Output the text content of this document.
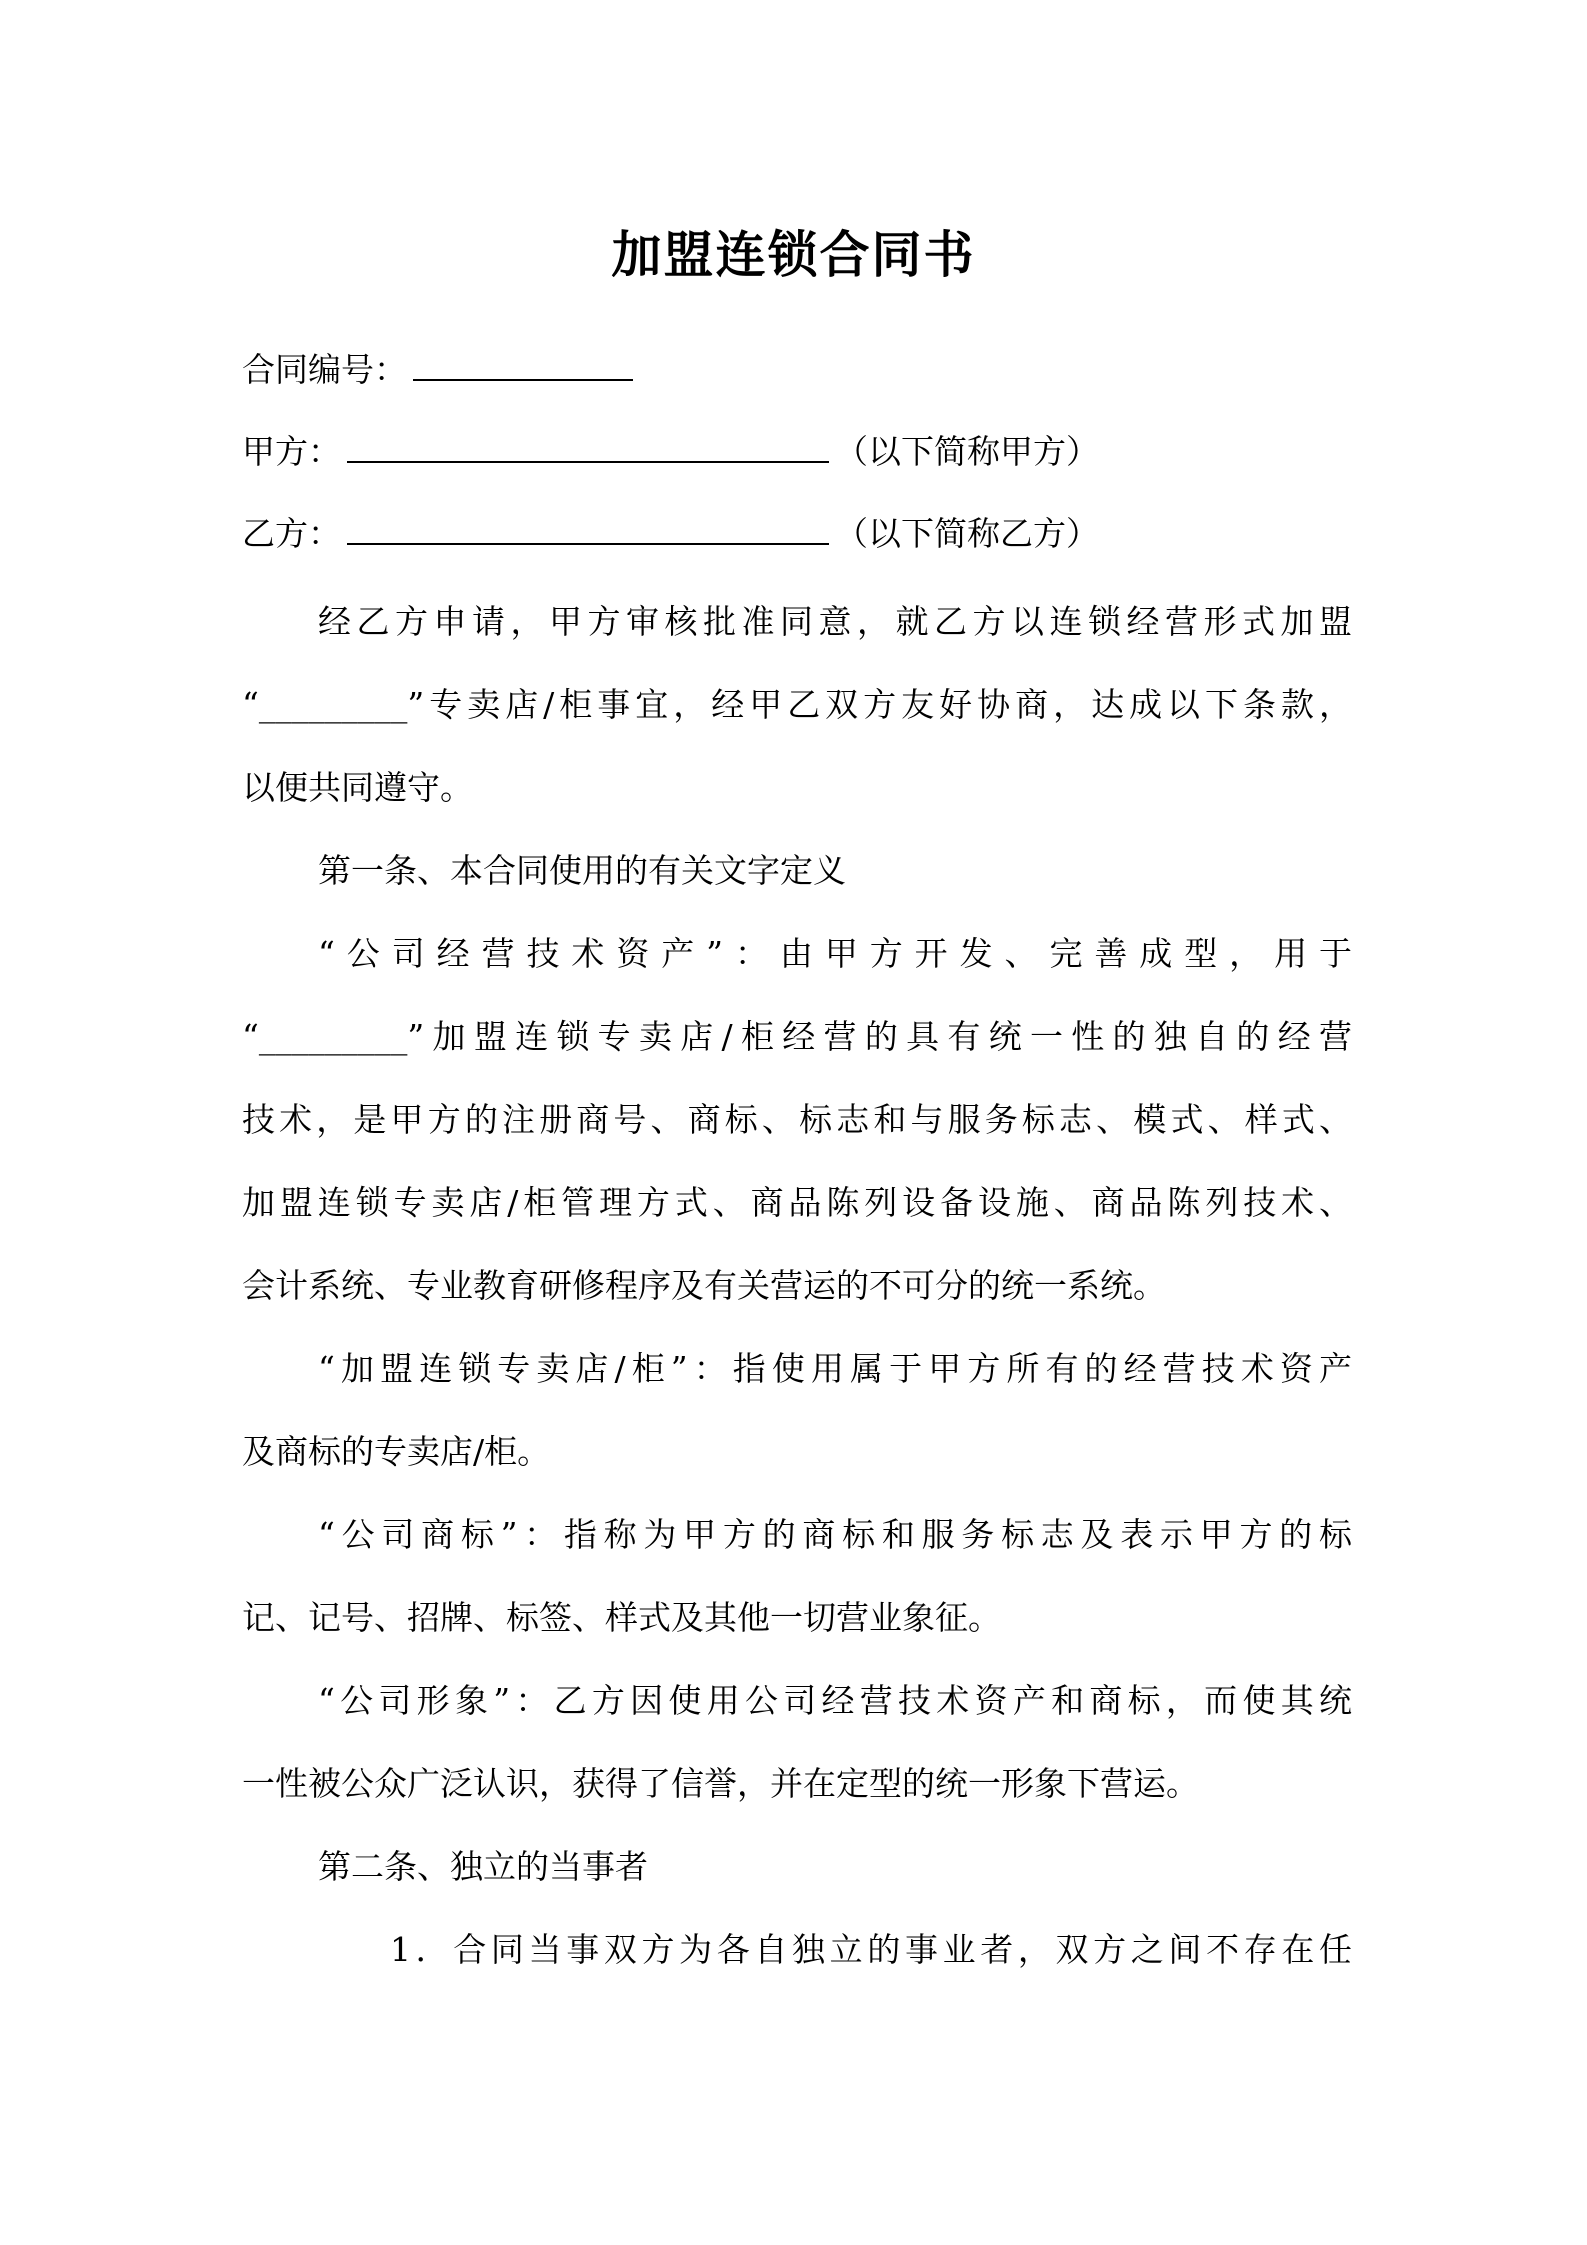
加盟连锁合同书
合同编号：
甲方：	（以下简称甲方）
乙方：	（以下简称乙方）
经乙方申请，甲方审核批准同意，就乙方以连锁经营形式加盟
“_________”专卖店/柜事宜，经甲乙双方友好协商，达成以下条款，
以便共同遵守。
第一条、本合同使用的有关文字定义
“公司经营技术资产”：由甲方开发、完善成型，用于
“_________”加盟连锁专卖店/柜经营的具有统一性的独自的经营
技术，是甲方的注册商号、商标、标志和与服务标志、模式、样式、
加盟连锁专卖店/柜管理方式、商品陈列设备设施、商品陈列技术、
会计系统、专业教育研修程序及有关营运的不可分的统一系统。
“加盟连锁专卖店/柜”：指使用属于甲方所有的经营技术资产
及商标的专卖店/柜。
“公司商标”：指称为甲方的商标和服务标志及表示甲方的标
记、记号、招牌、标签、样式及其他一切营业象征。
“公司形象”：乙方因使用公司经营技术资产和商标，而使其统
一性被公众广泛认识，获得了信誉，并在定型的统一形象下营运。
第二条、独立的当事者
1．合同当事双方为各自独立的事业者，双方之间不存在任
